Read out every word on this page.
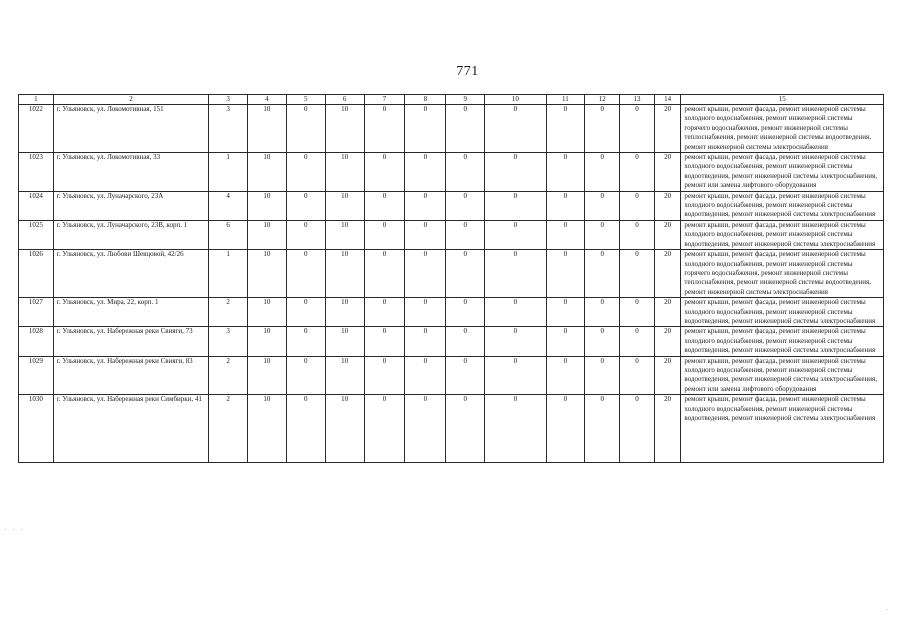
771
1	2	3	4	5	6	7	8	9	10	11	12	13	14	15
1022	г. Ульяновск, ул. Локомотивная, 151	3	10	0	10	0	0	0	0	0	0	0	20	ремонт крыши, ремонт фасада, ремонт инженерной системы холодного водоснабжения, ремонт инженерной системы горячего водоснабжения, ремонт инженерной системы теплоснабжения, ремонт инженерной системы водоотведения, ремонт инженерной системы электроснабжения
1023	г. Ульяновск, ул. Локомотивная, 33	1	10	0	10	0	0	0	0	0	0	0	20	ремонт крыши, ремонт фасада, ремонт инженерной системы холодного водоснабжения, ремонт инженерной системы водоотведения, ремонт инженерной системы электроснабжения, ремонт или замена лифтового оборудования
1024	г. Ульяновск, ул. Луначарского, 23А	4	10	0	10	0	0	0	0	0	0	0	20	ремонт крыши, ремонт фасада, ремонт инженерной системы холодного водоснабжения, ремонт инженерной системы водоотведения, ремонт инженерной системы электроснабжения
1025	г. Ульяновск, ул. Луначарского, 23В, корп. 1	6	10	0	10	0	0	0	0	0	0	0	20	ремонт крыши, ремонт фасада, ремонт инженерной системы холодного водоснабжения, ремонт инженерной системы водоотведения, ремонт инженерной системы электроснабжения
1026	г. Ульяновск, ул. Любови Шевцовой, 42/26	1	10	0	10	0	0	0	0	0	0	0	20	ремонт крыши, ремонт фасада, ремонт инженерной системы холодного водоснабжения, ремонт инженерной системы горячего водоснабжения, ремонт инженерной системы теплоснабжения, ремонт инженерной системы водоотведения, ремонт инженерной системы электроснабжения
1027	г. Ульяновск, ул. Мира, 22, корп. 1	2	10	0	10	0	0	0	0	0	0	0	20	ремонт крыши, ремонт фасада, ремонт инженерной системы холодного водоснабжения, ремонт инженерной системы водоотведения, ремонт инженерной системы электроснабжения
1028	г. Ульяновск, ул. Набережная реки Свияги, 73	3	10	0	10	0	0	0	0	0	0	0	20	ремонт крыши, ремонт фасада, ремонт инженерной системы холодного водоснабжения, ремонт инженерной системы водоотведения, ремонт инженерной системы электроснабжения
1029	г. Ульяновск, ул. Набережная реки Свияги, 83	2	10	0	10	0	0	0	0	0	0	0	20	ремонт крыши, ремонт фасада, ремонт инженерной системы холодного водоснабжения, ремонт инженерной системы водоотведения, ремонт инженерной системы электроснабжения, ремонт или замена лифтового оборудования
1030	г. Ульяновск, ул. Набережная реки Симбирки, 41	2	10	0	10	0	0	0	0	0	0	0	20	ремонт крыши, ремонт фасада, ремонт инженерной системы холодного водоснабжения, ремонт инженерной системы водоотведения, ремонт инженерной системы электроснабжения
· · ·
·
